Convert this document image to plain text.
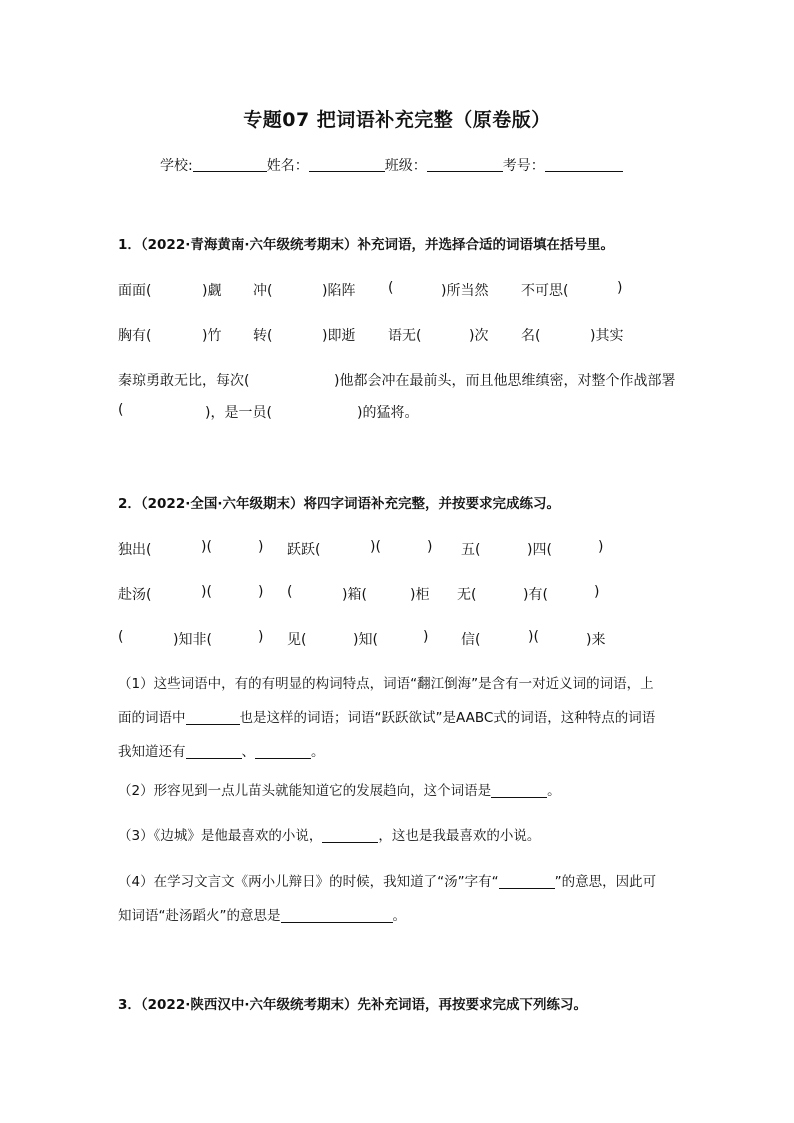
专题07 把词语补充完整（原卷版）
学校:	姓名：	班级：	考号：
1．（2022·青海黄南·六年级统考期末）补充词语，并选择合适的词语填在括号里。
面面(	)觑 冲(	)陷阵 (	)所当然 不可思(	)
胸有(	)竹 转(	)即逝 语无(	)次 名(	)其实
秦琼勇敢无比，每次(	)他都会冲在最前头，而且他思维缜密，对整个作战部署
(	)，是一员(	)的猛将。
2．（2022·全国·六年级期末）将四字词语补充完整，并按要求完成练习。
独出(	)(	) 跃跃(	)(	) 五(	)四(	)
赴汤(	)(	) (	)箱(	)柜 无(	)有(	)
(	)知非(	) 见(	)知(	) 信(	)(	)来
（1）这些词语中，有的有明显的构词特点，词语“翻江倒海”是含有一对近义词的词语，上
面的词语中	也是这样的词语；词语“跃跃欲试”是AABC式的词语，这种特点的词语
我知道还有	、	。
（2）形容见到一点儿苗头就能知道它的发展趋向，这个词语是	。
（3）《边城》是他最喜欢的小说，	，这也是我最喜欢的小说。
（4）在学习文言文《两小儿辩日》的时候，我知道了“汤”字有“	”的意思，因此可
知词语“赴汤蹈火”的意思是	。
3．（2022·陕西汉中·六年级统考期末）先补充词语，再按要求完成下列练习。
